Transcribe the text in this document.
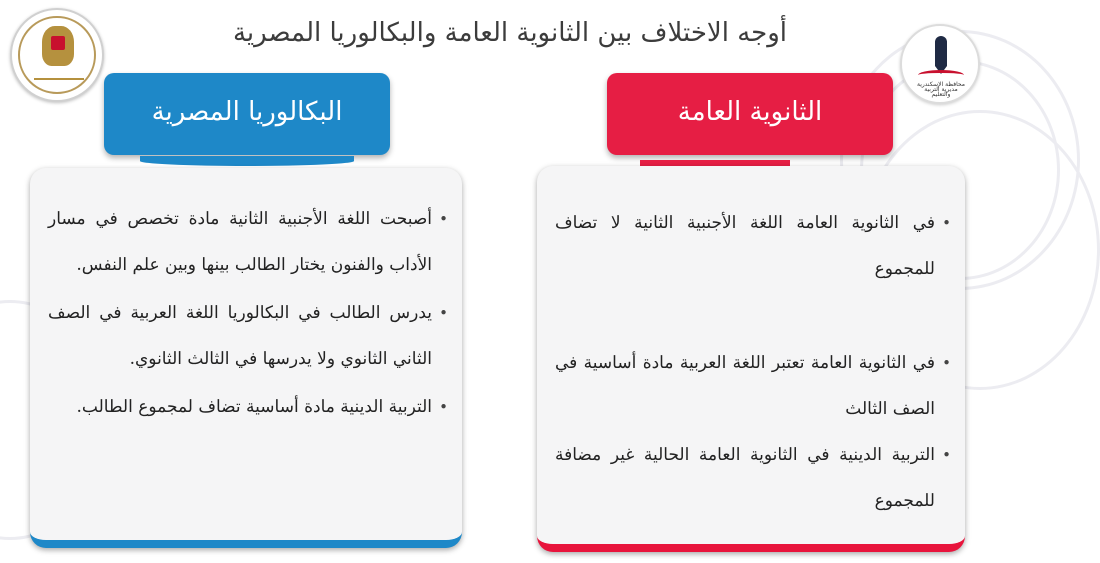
أوجه الاختلاف بين الثانوية العامة والبكالوريا المصرية
محافظة الإسكندرية مديرية التربية والتعليم
البكالوريا المصرية	الثانوية العامة
•
أصبحت اللغة الأجنبية الثانية مادة تخصص في مسار الأداب والفنون يختار الطالب بينها وبين علم النفس.
•
يدرس الطالب في البكالوريا اللغة العربية في الصف الثاني الثانوي ولا يدرسها في الثالث الثانوي.
•
التربية الدينية مادة أساسية تضاف لمجموع الطالب.
•
في الثانوية العامة اللغة الأجنبية الثانية لا تضاف للمجموع
•
في الثانوية العامة تعتبر اللغة العربية مادة أساسية في الصف الثالث
•
التربية الدينية في الثانوية العامة الحالية غير مضافة للمجموع
